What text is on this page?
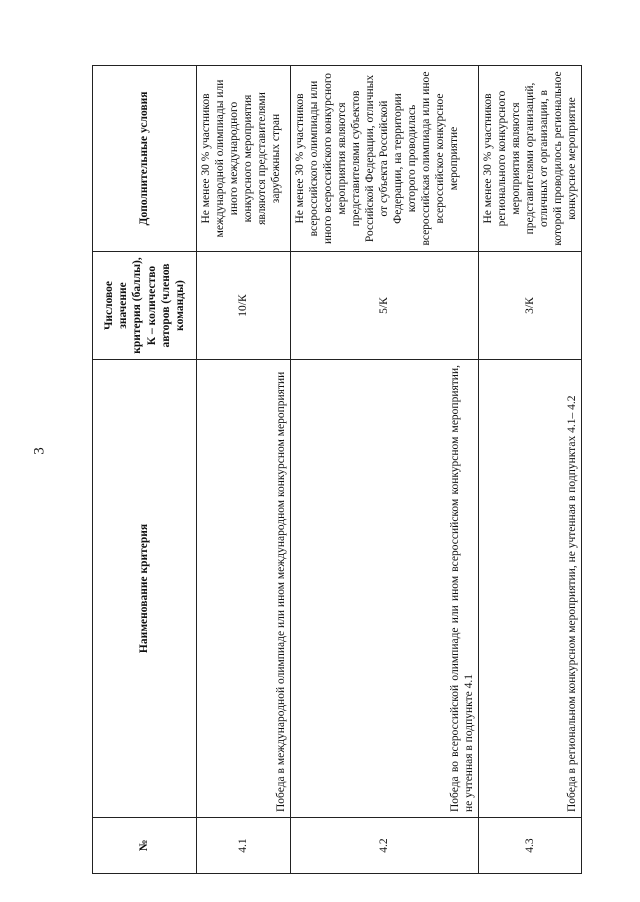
3
№	Наименование критерия	Числовое значение критерия (баллы), К – количество авторов (членов команды)	Дополнительные условия
4.1	Победа в международной олимпиаде или ином международном конкурсном мероприятии	10/К	Не менее 30 % участников международной олимпиады или иного международного конкурсного мероприятия являются представителями зарубежных стран
4.2	Победа во всероссийской олимпиаде или ином всероссийском конкурсном мероприятии, не учтенная в подпункте 4.1	5/К	Не менее 30 % участников всероссийского олимпиады или иного всероссийского конкурсного мероприятия являются представителями субъектов Российской Федерации, отличных от субъекта Российской Федерации, на территории которого проводилась всероссийская олимпиада или иное всероссийское конкурсное мероприятие
4.3	Победа в региональном конкурсном мероприятии, не учтенная в подпунктах 4.1– 4.2	3/К	Не менее 30 % участников регионального конкурсного мероприятия являются представителями организаций, отличных от организации, в которой проводилось региональное конкурсное мероприятие
